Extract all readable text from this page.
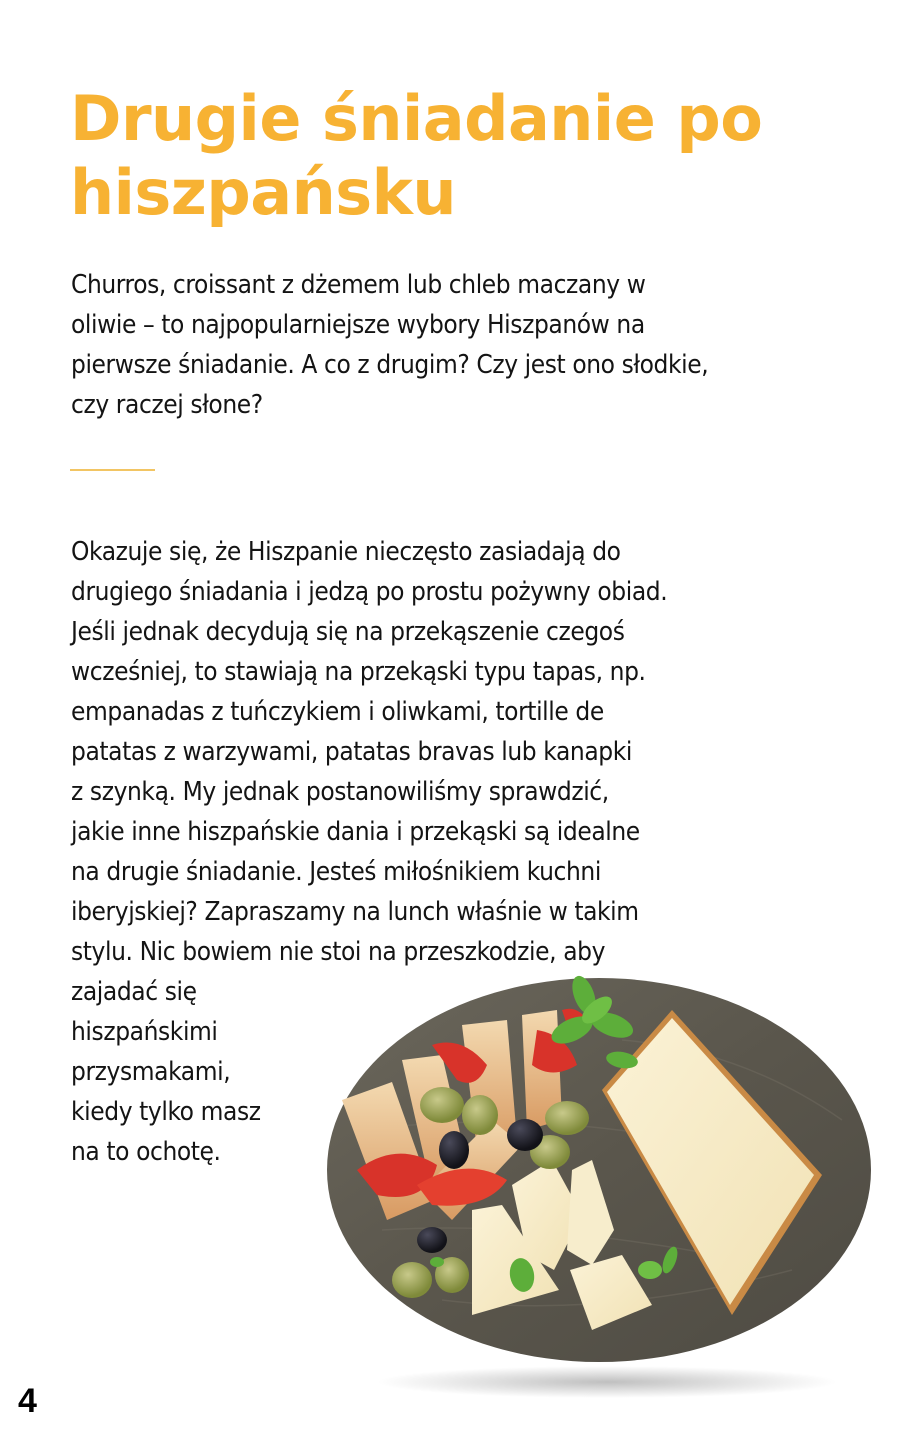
Drugie śniadanie po
hiszpańsku

Churros, croissant z dżemem lub chleb maczany w
oliwie – to najpopularniejsze wybory Hiszpanów na
pierwsze śniadanie. A co z drugim? Czy jest ono słodkie,
czy raczej słone?

Okazuje się, że Hiszpanie nieczęsto zasiadają do
drugiego śniadania i jedzą po prostu pożywny obiad.
Jeśli jednak decydują się na przekąszenie czegoś
wcześniej, to stawiają na przekąski typu tapas, np.
empanadas z tuńczykiem i oliwkami, tortille de
patatas z warzywami, patatas bravas lub kanapki
z szynką. My jednak postanowiliśmy sprawdzić,
jakie inne hiszpańskie dania i przekąski są idealne
na drugie śniadanie. Jesteś miłośnikiem kuchni
iberyjskiej? Zapraszamy na lunch właśnie w takim
stylu. Nic bowiem nie stoi na przeszkodzie, aby

zajadać się
hiszpańskimi
przysmakami,
kiedy tylko masz
na to ochotę.

4
